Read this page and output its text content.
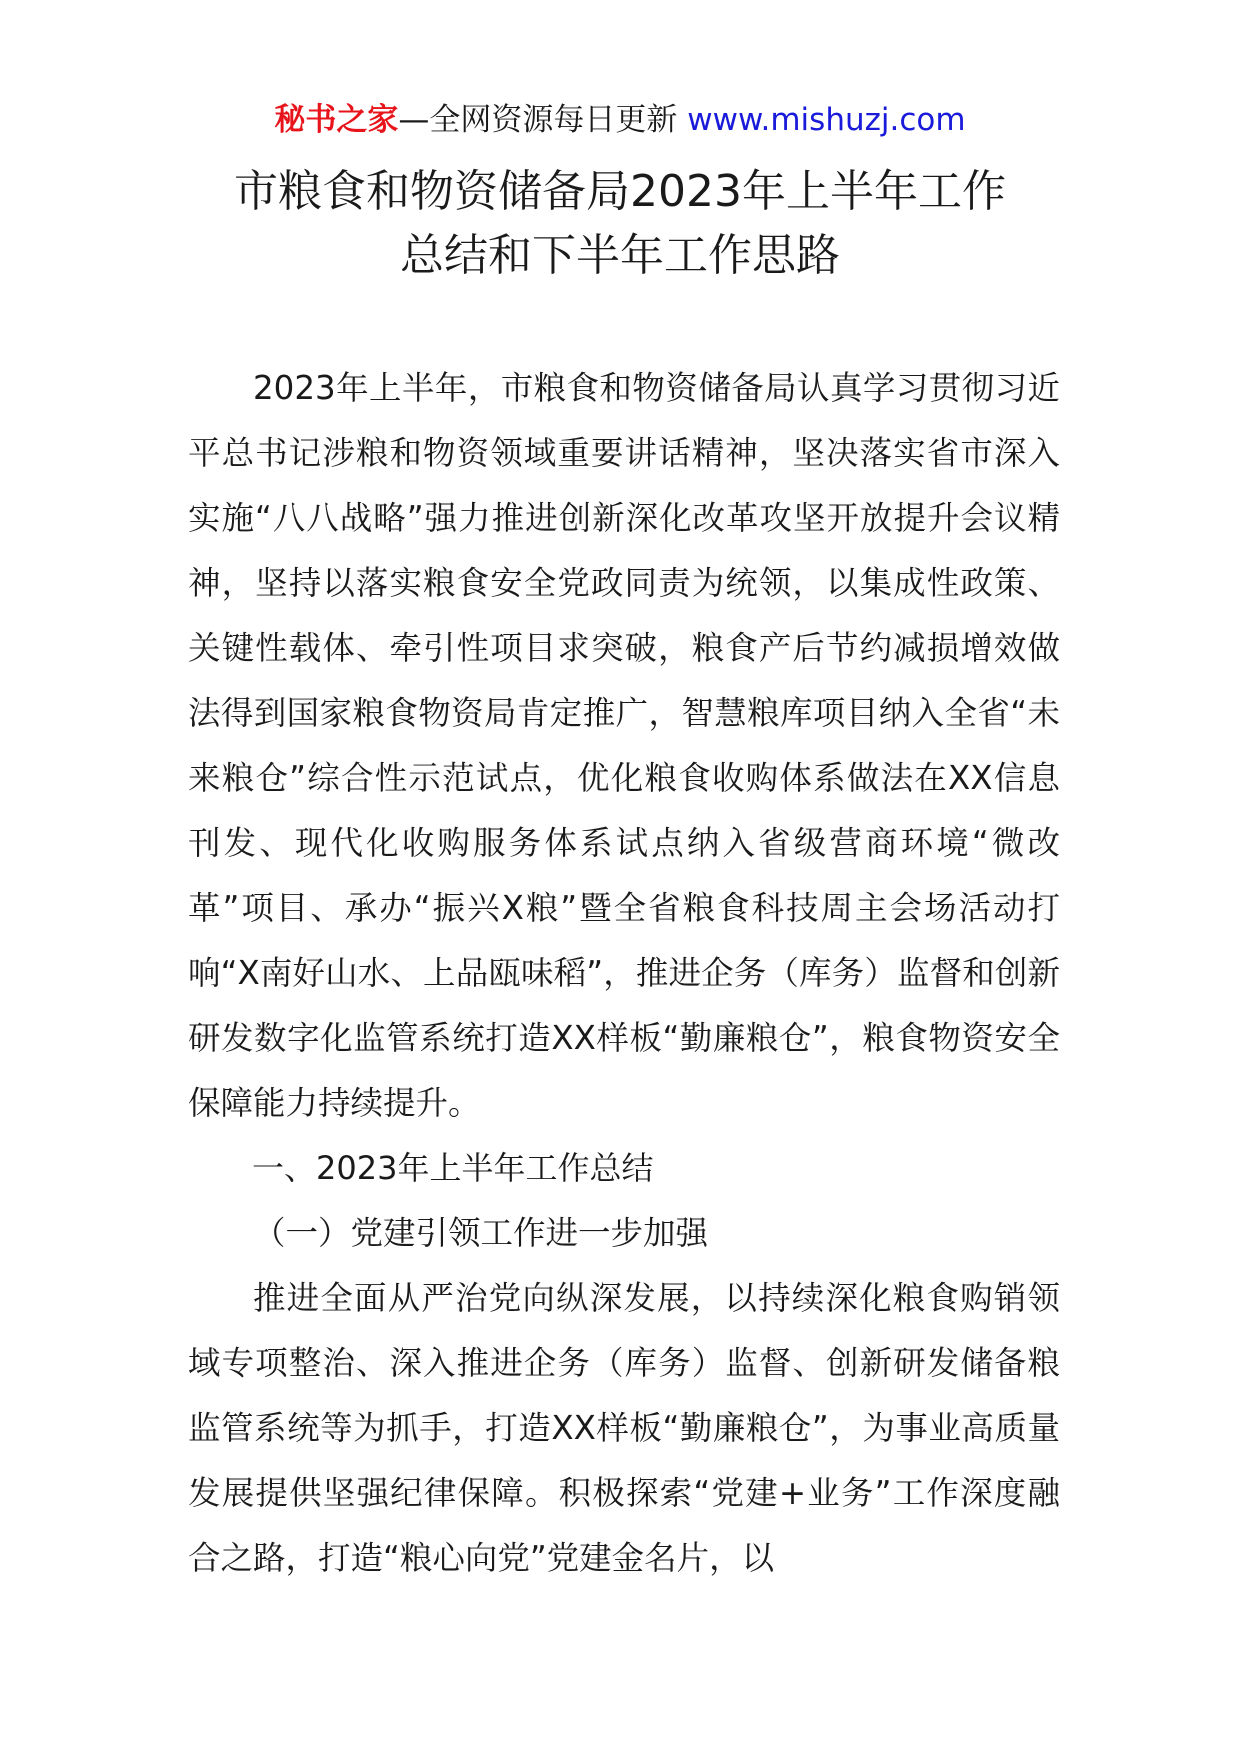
秘书之家—全网资源每日更新 www.mishuzj.com
市粮食和物资储备局2023年上半年工作
总结和下半年工作思路

2023年上半年，市粮食和物资储备局认真学习贯彻习近平总书记涉粮和物资领域重要讲话精神，坚决落实省市深入实施“八八战略”强力推进创新深化改革攻坚开放提升会议精神，坚持以落实粮食安全党政同责为统领，以集成性政策、关键性载体、牵引性项目求突破，粮食产后节约减损增效做法得到国家粮食物资局肯定推广，智慧粮库项目纳入全省“未来粮仓”综合性示范试点，优化粮食收购体系做法在XX信息刊发、现代化收购服务体系试点纳入省级营商环境“微改革”项目、承办“振兴X粮”暨全省粮食科技周主会场活动打响“X南好山水、上品瓯味稻”，推进企务（库务）监督和创新研发数字化监管系统打造XX样板“勤廉粮仓”，粮食物资安全保障能力持续提升。

一、2023年上半年工作总结

（一）党建引领工作进一步加强

推进全面从严治党向纵深发展，以持续深化粮食购销领域专项整治、深入推进企务（库务）监督、创新研发储备粮监管系统等为抓手，打造XX样板“勤廉粮仓”，为事业高质量发展提供坚强纪律保障。积极探索“党建+业务”工作深度融合之路，打造“粮心向党”党建金名片，以
